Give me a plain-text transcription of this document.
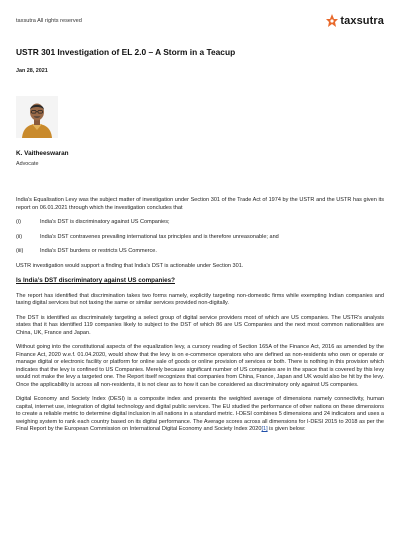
taxsutra All rights reserved	taxsutra
USTR 301 Investigation of EL 2.0 – A Storm in a Teacup
Jan 28, 2021
K. Vaitheeswaran
Advocate

India’s Equalisation Levy was the subject matter of investigation under Section 301 of the Trade Act of 1974 by the USTR and the USTR has given its report on 06.01.2021 through which the investigation concludes that

(i)	India’s DST is discriminatory against US Companies;
(ii)	India’s DST contravenes prevailing international tax principles and is therefore unreasonable; and
(iii)	India’s DST burdens or restricts US Commerce.

USTR investigation would support a finding that India’s DST is actionable under Section 301.

Is India’s DST discriminatory against US companies?

The report has identified that discrimination takes two forms namely, explicitly targeting non-domestic firms while exempting Indian companies and taxing digital services but not taxing the same or similar services provided non-digitally.

The DST is identified as discriminately targeting a select group of digital service providers most of which are US companies. The USTR’s analysis states that it has identified 119 companies likely to subject to the DST of which 86 are US Companies and the next most common nationalities are China, UK, France and Japan.

Without going into the constitutional aspects of the equalization levy, a cursory reading of Section 165A of the Finance Act, 2016 as amended by the Finance Act, 2020 w.e.f. 01.04.2020, would show that the levy is on e-commerce operators who are defined as non-residents who own or operate or manage digital or electronic facility or platform for online sale of goods or online provision of services or both. There is nothing in this provision which indicates that the levy is confined to US Companies. Merely because significant number of US companies are in the space that is covered by this levy would not make the levy a targeted one. The Report itself recognizes that companies from China, France, Japan and UK would also be hit by the levy. Once the applicability is across all non-residents, it is not clear as to how it can be considered as discriminatory only against US companies.

Digital Economy and Society Index (DESI) is a composite index and presents the weighted average of dimensions namely connectivity, human capital, internet use, integration of digital technology and digital public services. The EU studied the performance of other nations on these dimensions to create a reliable metric to determine digital inclusion in all nations in a standard metric. I-DESI combines 5 dimensions and 24 indicators and uses a weighing system to rank each country based on its digital performance. The Average scores across all dimensions for I-DESI 2015 to 2018 as per the Final Report by the European Commission on International Digital Economy and Society Index 2020[1] is given below:
